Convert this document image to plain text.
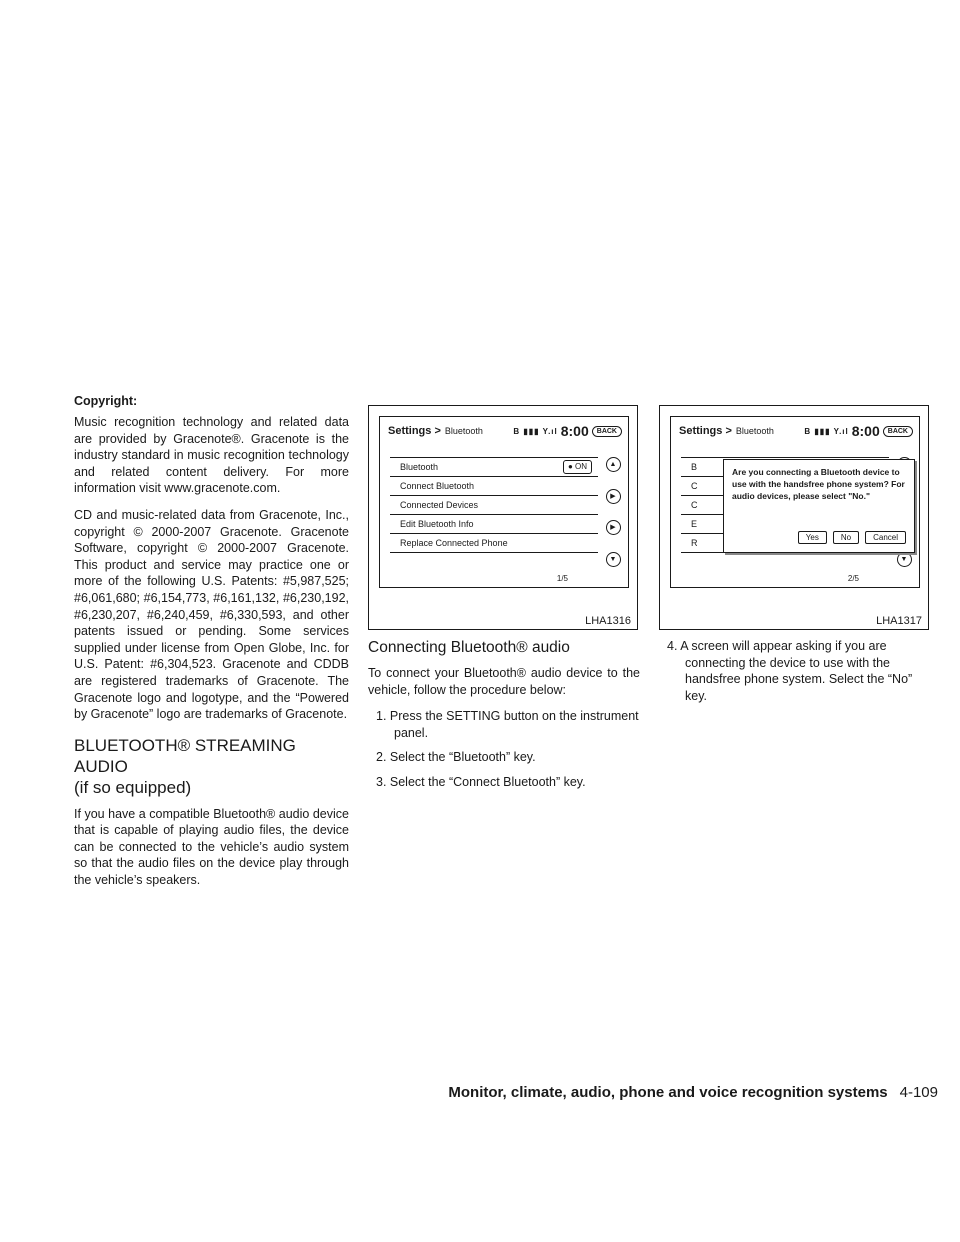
Copyright:

Music recognition technology and related data are provided by Gracenote®. Gracenote is the industry standard in music recognition technology and related content delivery. For more information visit www.gracenote.com.

CD and music-related data from Gracenote, Inc., copyright © 2000-2007 Gracenote. Gracenote Software, copyright © 2000-2007 Gracenote. This product and service may practice one or more of the following U.S. Patents: #5,987,525; #6,061,680; #6,154,773, #6,161,132, #6,230,192, #6,230,207, #6,240,459, #6,330,593, and other patents issued or pending. Some services supplied under license from Open Globe, Inc. for U.S. Patent: #6,304,523. Gracenote and CDDB are registered trademarks of Gracenote. The Gracenote logo and logotype, and the “Powered by Gracenote” logo are trademarks of Gracenote.

BLUETOOTH® STREAMING AUDIO
(if so equipped)

If you have a compatible Bluetooth® audio device that is capable of playing audio files, the device can be connected to the vehicle’s audio system so that the audio files on the device play through the vehicle’s speakers.

Settings > Bluetooth	B ▮▮▮ Y.ıl 8:00	BACK
Bluetooth	● ON
Connect Bluetooth
Connected Devices
Edit Bluetooth Info
Replace Connected Phone
▲
▶
▶
▼
1/5
LHA1316
Connecting Bluetooth® audio

To connect your Bluetooth® audio device to the vehicle, follow the procedure below:

1. Press the SETTING button on the instrument panel.
2. Select the “Bluetooth” key.
3. Select the “Connect Bluetooth” key.
Settings > Bluetooth	B ▮▮▮ Y.ıl 8:00	BACK
B
C
C
E
R
▼
Are you connecting a Bluetooth device to use with the handsfree phone system? For audio devices, please select "No."
Yes	No	Cancel
2/5
LHA1317
4. A screen will appear asking if you are connecting the device to use with the handsfree phone system. Select the “No” key.
Monitor, climate, audio, phone and voice recognition systems 4-109
